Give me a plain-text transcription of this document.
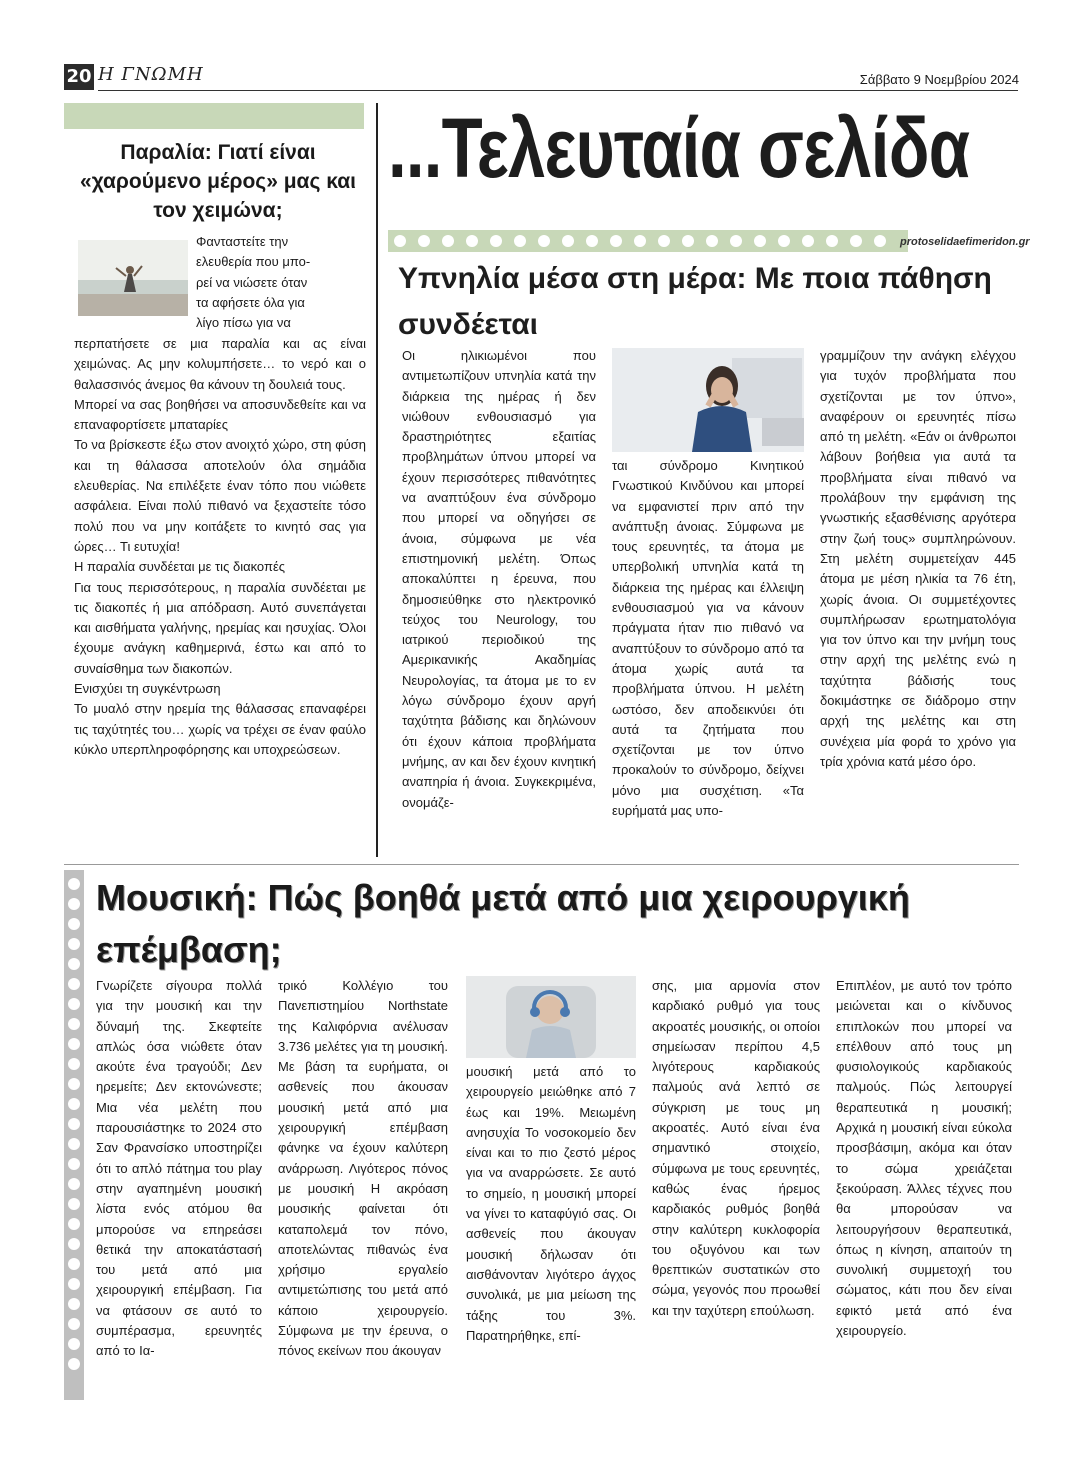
20 Η ΓΝΩΜΗ	Σάββατο 9 Νοεμβρίου 2024
Παραλία: Γιατί είναι «χαρούμενο μέρος» μας και τον χειμώνα;

Φανταστείτε την

ελευθερία που μπο-

ρεί να νιώσετε όταν

τα αφήσετε όλα για

λίγο πίσω για να

περπατήσετε σε μια παραλία και ας είναι χειμώνας. Ας μην κολυμπήσετε… το νερό και ο θαλασσινός άνεμος θα κάνουν τη δουλειά τους.

Μπορεί να σας βοηθήσει να αποσυνδεθείτε και να επαναφορτίσετε μπαταρίες

Το να βρίσκεστε έξω στον ανοιχτό χώρο, στη φύση και τη θάλασσα αποτελούν όλα σημάδια ελευθερίας. Να επιλέξετε έναν τόπο που νιώθετε ασφάλεια. Είναι πολύ πιθανό να ξεχαστείτε τόσο πολύ που να μην κοιτάξετε το κινητό σας για ώρες… Τι ευτυχία!

Η παραλία συνδέεται με τις διακοπές

Για τους περισσότερους, η παραλία συνδέεται με τις διακοπές ή μια απόδραση. Αυτό συνεπάγεται και αισθήματα γαλήνης, ηρεμίας και ησυχίας. Όλοι έχουμε ανάγκη καθημερινά, έστω και από το συναίσθημα των διακοπών.

Ενισχύει τη συγκέντρωση

Το μυαλό στην ηρεμία της θάλασσας επαναφέρει τις ταχύτητές του… χωρίς να τρέχει σε έναν φαύλο κύκλο υπερπληροφόρησης και υποχρεώσεων.

...Τελευταία σελίδα
protoselidaefimeridon.gr
Υπνηλία μέσα στη μέρα: Με ποια πάθηση συνδέεται
Οι ηλικιωμένοι που αντιμετωπίζουν υπνηλία κατά την διάρκεια της ημέρας ή δεν νιώθουν ενθουσιασμό για δραστηριότητες εξαιτίας προβλημάτων ύπνου μπορεί να έχουν περισσότερες πιθανότητες να αναπτύξουν ένα σύνδρομο που μπορεί να οδηγήσει σε άνοια, σύμφωνα με νέα επιστημονική μελέτη. Όπως αποκαλύπτει η έρευνα, που δημοσιεύθηκε στο ηλεκτρονικό τεύχος του Neurology, του ιατρικού περιοδικού της Αμερικανικής Ακαδημίας Νευρολογίας, τα άτομα με το εν λόγω σύνδρομο έχουν αργή ταχύτητα βάδισης και δηλώνουν ότι έχουν κάποια προβλήματα μνήμης, αν και δεν έχουν κινητική αναπηρία ή άνοια. Συγκεκριμένα, ονομάζε-
ται σύνδρομο Κινητικού Γνωστικού Κινδύνου και μπορεί να εμφανιστεί πριν από την ανάπτυξη άνοιας. Σύμφωνα με τους ερευνητές, τα άτομα με υπερβολική υπνηλία κατά τη διάρκεια της ημέρας και έλλειψη ενθουσιασμού για να κάνουν πράγματα ήταν πιο πιθανό να αναπτύξουν το σύνδρομο από τα άτομα χωρίς αυτά τα προβλήματα ύπνου. Η μελέτη ωστόσο, δεν αποδεικνύει ότι αυτά τα ζητήματα που σχετίζονται με τον ύπνο προκαλούν το σύνδρομο, δείχνει μόνο μια συσχέτιση. «Τα ευρήματά μας υπο-
γραμμίζουν την ανάγκη ελέγχου για τυχόν προβλήματα που σχετίζονται με τον ύπνο», αναφέρουν οι ερευνητές πίσω από τη μελέτη. «Εάν οι άνθρωποι λάβουν βοήθεια για αυτά τα προβλήματα είναι πιθανό να προλάβουν την εμφάνιση της γνωστικής εξασθένισης αργότερα στην ζωή τους» συμπληρώνουν. Στη μελέτη συμμετείχαν 445 άτομα με μέση ηλικία τα 76 έτη, χωρίς άνοια. Οι συμμετέχοντες συμπλήρωσαν ερωτηματολόγια για τον ύπνο και την μνήμη τους στην αρχή της μελέτης ενώ η ταχύτητα βάδισής τους δοκιμάστηκε σε διάδρομο στην αρχή της μελέτης και στη συνέχεια μία φορά το χρόνο για τρία χρόνια κατά μέσο όρο.
Μουσική: Πώς βοηθά μετά από μια χειρουργική επέμβαση;
Γνωρίζετε σίγουρα πολλά για την μουσική και την δύναμή της. Σκεφτείτε απλώς όσα νιώθετε όταν ακούτε ένα τραγούδι; Δεν ηρεμείτε; Δεν εκτονώνεστε; Μια νέα μελέτη που παρουσιάστηκε το 2024 στο Σαν Φρανσίσκο υποστηρίζει ότι το απλό πάτημα του play στην αγαπημένη μουσική λίστα ενός ατόμου θα μπορούσε να επηρεάσει θετικά την αποκατάστασή του μετά από μια χειρουργική επέμβαση. Για να φτάσουν σε αυτό το συμπέρασμα, ερευνητές από το Ια-
τρικό Κολλέγιο του Πανεπιστημίου Northstate της Καλιφόρνια ανέλυσαν 3.736 μελέτες για τη μουσική. Με βάση τα ευρήματα, οι ασθενείς που άκουσαν μουσική μετά από μια χειρουργική επέμβαση φάνηκε να έχουν καλύτερη ανάρρωση. Λιγότερος πόνος με μουσική Η ακρόαση μουσικής φαίνεται ότι καταπολεμά τον πόνο, αποτελώντας πιθανώς ένα χρήσιμο εργαλείο αντιμετώπισης του μετά από κάποιο χειρουργείο. Σύμφωνα με την έρευνα, ο πόνος εκείνων που άκουγαν
μουσική μετά από το χειρουργείο μειώθηκε από 7 έως και 19%. Μειωμένη ανησυχία Το νοσοκομείο δεν είναι και το πιο ζεστό μέρος για να αναρρώσετε. Σε αυτό το σημείο, η μουσική μπορεί να γίνει το καταφύγιό σας. Οι ασθενείς που άκουγαν μουσική δήλωσαν ότι αισθάνονταν λιγότερο άγχος συνολικά, με μια μείωση της τάξης του 3%. Παρατηρήθηκε, επί-
σης, μια αρμονία στον καρδιακό ρυθμό για τους ακροατές μουσικής, οι οποίοι σημείωσαν περίπου 4,5 λιγότερους καρδιακούς παλμούς ανά λεπτό σε σύγκριση με τους μη ακροατές. Αυτό είναι ένα σημαντικό στοιχείο, σύμφωνα με τους ερευνητές, καθώς ένας ήρεμος καρδιακός ρυθμός βοηθά στην καλύτερη κυκλοφορία του οξυγόνου και των θρεπτικών συστατικών στο σώμα, γεγονός που προωθεί και την ταχύτερη επούλωση.
Επιπλέον, με αυτό τον τρόπο μειώνεται και ο κίνδυνος επιπλοκών που μπορεί να επέλθουν από τους μη φυσιολογικούς καρδιακούς παλμούς. Πώς λειτουργεί θεραπευτικά η μουσική; Αρχικά η μουσική είναι εύκολα προσβάσιμη, ακόμα και όταν το σώμα χρειάζεται ξεκούραση. Άλλες τέχνες που θα μπορούσαν να λειτουργήσουν θεραπευτικά, όπως η κίνηση, απαιτούν τη συνολική συμμετοχή του σώματος, κάτι που δεν είναι εφικτό μετά από ένα χειρουργείο.
